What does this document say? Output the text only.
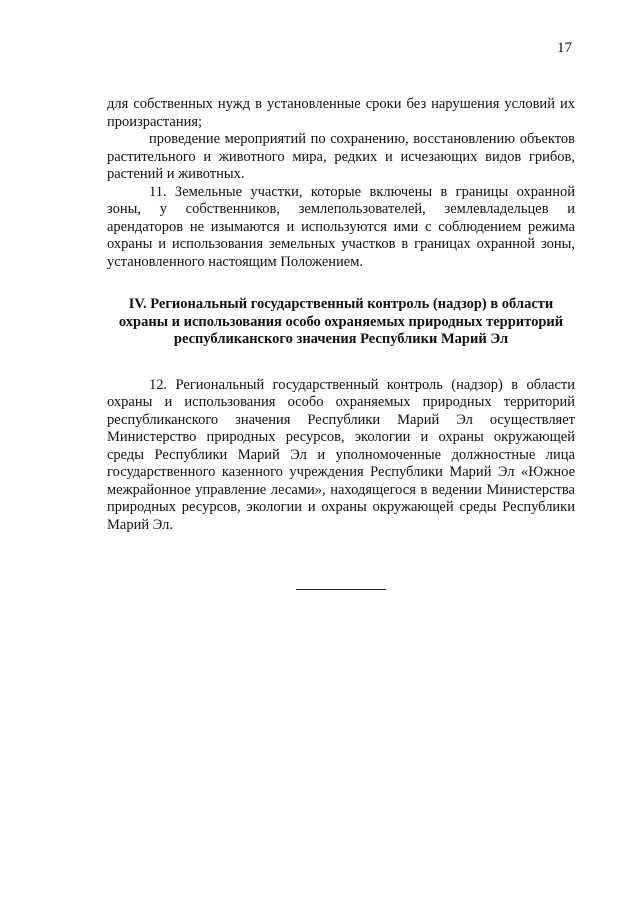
17

для собственных нужд в установленные сроки без нарушения условий их произрастания;

проведение мероприятий по сохранению, восстановлению объектов растительного и животного мира, редких и исчезающих видов грибов, растений и животных.

11. Земельные участки, которые включены в границы охранной зоны, у собственников, землепользователей, землевладельцев и арендаторов не изымаются и используются ими с соблюдением режима охраны и использования земельных участков в границах охранной зоны, установленного настоящим Положением.

IV. Региональный государственный контроль (надзор) в области
охраны и использования особо охраняемых природных территорий
республиканского значения Республики Марий Эл

12. Региональный государственный контроль (надзор) в области охраны и использования особо охраняемых природных территорий республиканского значения Республики Марий Эл осуществляет Министерство природных ресурсов, экологии и охраны окружающей среды Республики Марий Эл и уполномоченные должностные лица государственного казенного учреждения Республики Марий Эл «Южное межрайонное управление лесами», находящегося в ведении Министерства природных ресурсов, экологии и охраны окружающей среды Республики Марий Эл.
